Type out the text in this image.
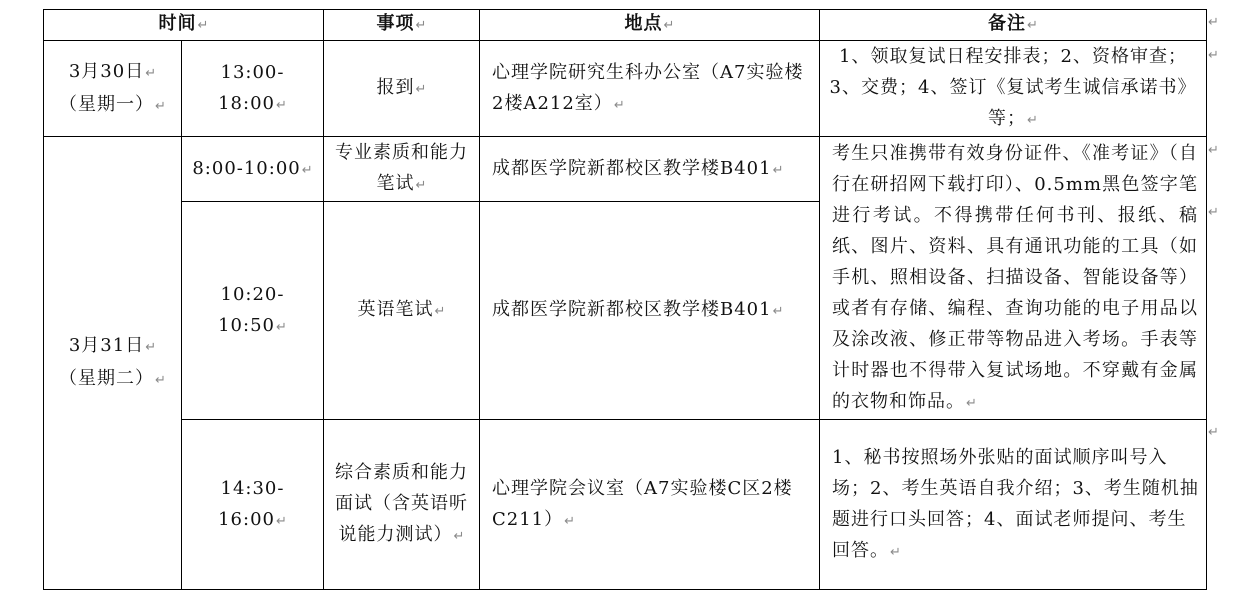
时间↵		事项↵	地点↵	备注↵

3月30日↵
（星期一）↵	13:00-18:00↵	报到↵	心理学院研究生科办公室（A7实验楼2楼A212室）↵	1、领取复试日程安排表；2、资格审查；3、交费；4、签订《复试考生诚信承诺书》等；↵

3月31日↵
（星期二）↵	8:00-10:00↵	专业素质和能力笔试↵	成都医学院新都校区教学楼B401↵	考生只准携带有效身份证件、《准考证》（自行在研招网下载打印）、0.5mm黑色签字笔进行考试。不得携带任何书刊、报纸、稿纸、图片、资料、具有通讯功能的工具（如手机、照相设备、扫描设备、智能设备等）或者有存储、编程、查询功能的电子用品以及涂改液、修正带等物品进入考场。手表等计时器也不得带入复试场地。不穿戴有金属的衣物和饰品。↵
	10:20-10:50↵	英语笔试↵	成都医学院新都校区教学楼B401↵	
	14:30-16:00↵	综合素质和能力面试（含英语听说能力测试）↵	心理学院会议室（A7实验楼C区2楼C211）↵	1、秘书按照场外张贴的面试顺序叫号入场；2、考生英语自我介绍；3、考生随机抽题进行口头回答；4、面试老师提问、考生回答。↵
↵
↵
↵
↵
↵
